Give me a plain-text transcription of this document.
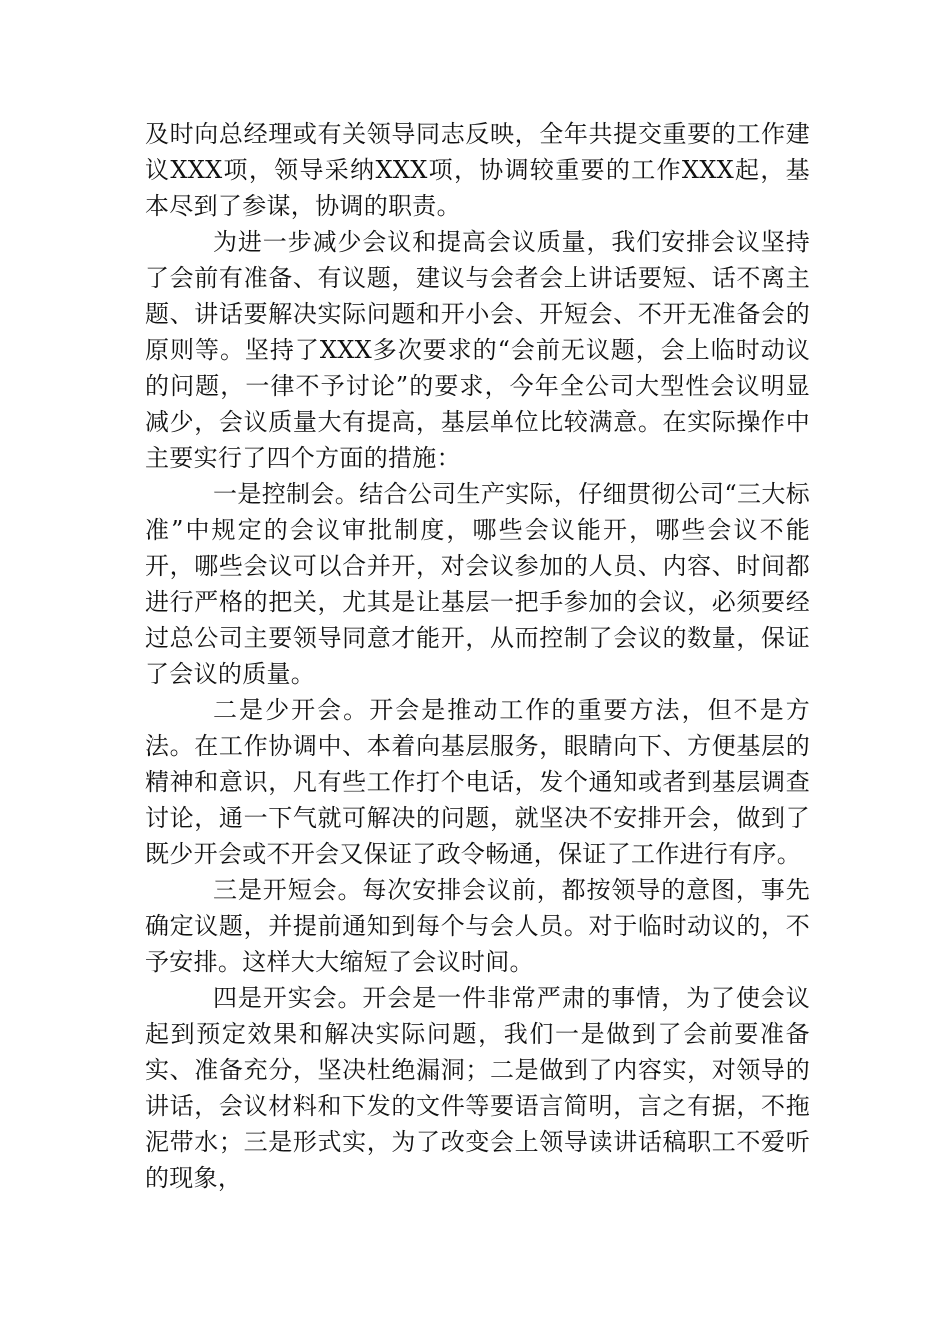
及时向总经理或有关领导同志反映，全年共提交重要的工作建议XXX项，领导采纳XXX项，协调较重要的工作XXX起，基本尽到了参谋，协调的职责。

为进一步减少会议和提高会议质量，我们安排会议坚持了会前有准备、有议题，建议与会者会上讲话要短、话不离主题、讲话要解决实际问题和开小会、开短会、不开无准备会的原则等。坚持了XXX多次要求的“会前无议题，会上临时动议的问题，一律不予讨论”的要求，今年全公司大型性会议明显减少，会议质量大有提高，基层单位比较满意。在实际操作中主要实行了四个方面的措施：

一是控制会。结合公司生产实际，仔细贯彻公司“三大标准”中规定的会议审批制度，哪些会议能开，哪些会议不能开，哪些会议可以合并开，对会议参加的人员、内容、时间都进行严格的把关，尤其是让基层一把手参加的会议，必须要经过总公司主要领导同意才能开，从而控制了会议的数量，保证了会议的质量。

二是少开会。开会是推动工作的重要方法，但不是方法。在工作协调中、本着向基层服务，眼睛向下、方便基层的精神和意识，凡有些工作打个电话，发个通知或者到基层调查讨论，通一下气就可解决的问题，就坚决不安排开会，做到了既少开会或不开会又保证了政令畅通，保证了工作进行有序。

三是开短会。每次安排会议前，都按领导的意图，事先确定议题，并提前通知到每个与会人员。对于临时动议的，不予安排。这样大大缩短了会议时间。

四是开实会。开会是一件非常严肃的事情，为了使会议起到预定效果和解决实际问题，我们一是做到了会前要准备实、准备充分，坚决杜绝漏洞；二是做到了内容实，对领导的讲话，会议材料和下发的文件等要语言简明，言之有据，不拖泥带水；三是形式实，为了改变会上领导读讲话稿职工不爱听的现象，
